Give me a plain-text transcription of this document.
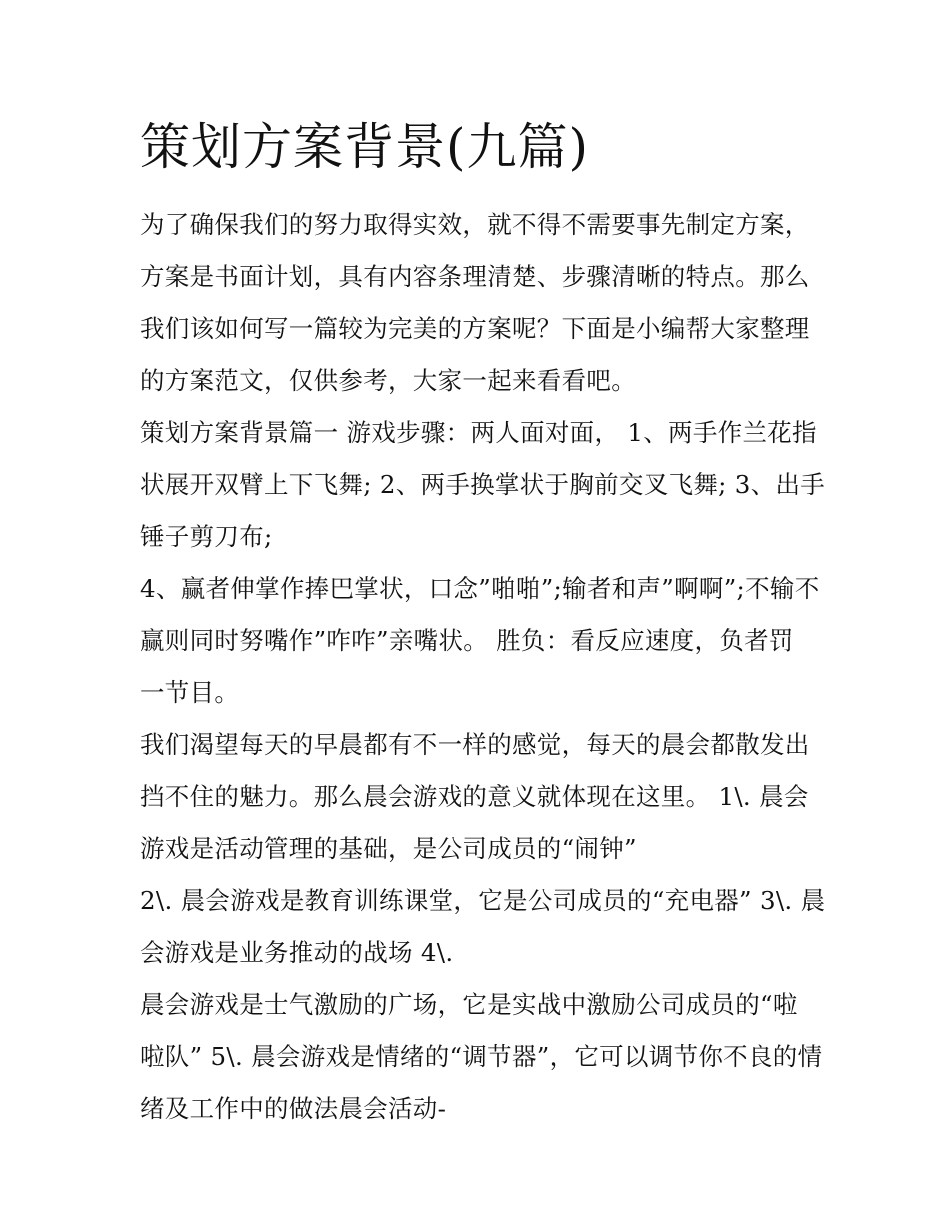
策划方案背景(九篇)
为了确保我们的努力取得实效，就不得不需要事先制定方案，
方案是书面计划，具有内容条理清楚、步骤清晰的特点。那么
我们该如何写一篇较为完美的方案呢？下面是小编帮大家整理
的方案范文，仅供参考，大家一起来看看吧。
策划方案背景篇一 游戏步骤：两人面对面， 1、两手作兰花指
状展开双臂上下飞舞; 2、两手换掌状于胸前交叉飞舞; 3、出手
锤子剪刀布;
4、赢者伸掌作捧巴掌状，口念”啪啪”;输者和声”啊啊”;不输不
赢则同时努嘴作”咋咋”亲嘴状。 胜负：看反应速度，负者罚
一节目。
我们渴望每天的早晨都有不一样的感觉，每天的晨会都散发出
挡不住的魅力。那么晨会游戏的意义就体现在这里。 1\. 晨会
游戏是活动管理的基础，是公司成员的“闹钟”
2\. 晨会游戏是教育训练课堂，它是公司成员的“充电器” 3\. 晨
会游戏是业务推动的战场 4\.
晨会游戏是士气激励的广场，它是实战中激励公司成员的“啦
啦队” 5\. 晨会游戏是情绪的“调节器”，它可以调节你不良的情
绪及工作中的做法晨会活动-
